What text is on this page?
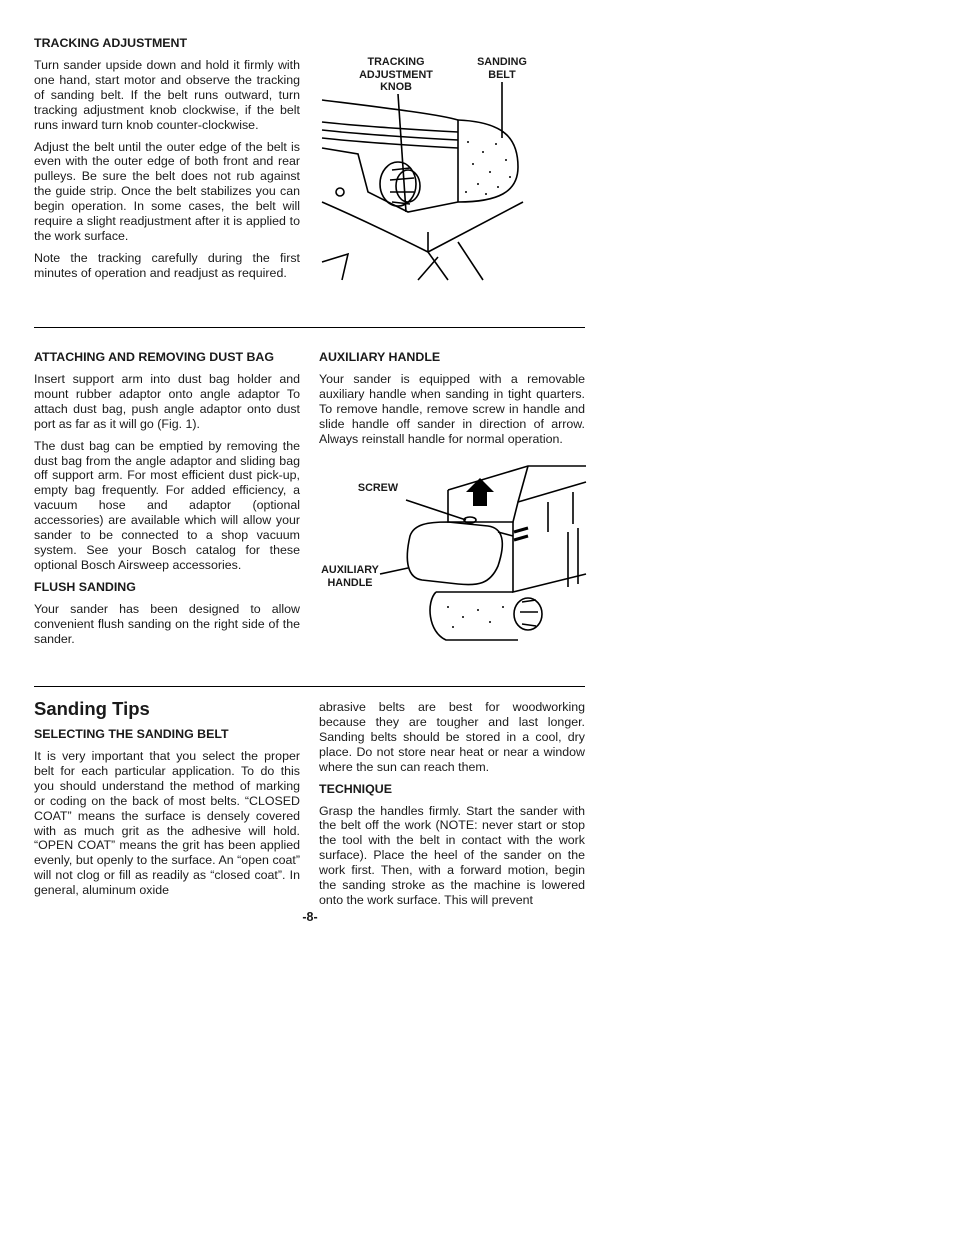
TRACKING ADJUSTMENT

Turn sander upside down and hold it firmly with one hand, start motor and observe the tracking of sanding belt. If the belt runs outward, turn tracking adjustment knob clockwise, if the belt runs inward turn knob counter-clockwise.

Adjust the belt until the outer edge of the belt is even with the outer edge of both front and rear pulleys. Be sure the belt does not rub against the guide strip. Once the belt stabilizes you can begin operation. In some cases, the belt will require a slight readjustment after it is applied to the work surface.

Note the tracking carefully during the first minutes of operation and readjust as required.

TRACKING ADJUSTMENT KNOB
SANDING BELT

ATTACHING AND REMOVING DUST BAG

Insert support arm into dust bag holder and mount rubber adaptor onto angle adaptor To attach dust bag, push angle adaptor onto dust port as far as it will go (Fig. 1).

The dust bag can be emptied by removing the dust bag from the angle adaptor and sliding bag off support arm. For most efficient dust pick-up, empty bag frequently. For added efficiency, a vacuum hose and adaptor (optional accessories) are available which will allow your sander to be connected to a shop vacuum system. See your Bosch catalog for these optional Bosch Airsweep accessories.

FLUSH SANDING

Your sander has been designed to allow convenient flush sanding on the right side of the sander.

AUXILIARY HANDLE

Your sander is equipped with a removable auxiliary handle when sanding in tight quarters. To remove handle, remove screw in handle and slide handle off sander in direction of arrow. Always reinstall handle for normal operation.

SCREW
AUXILIARY HANDLE

Sanding Tips

SELECTING THE SANDING BELT

It is very important that you select the proper belt for each particular application. To do this you should understand the method of marking or coding on the back of most belts. “CLOSED COAT” means the surface is densely covered with as much grit as the adhesive will hold. “OPEN COAT” means the grit has been applied evenly, but openly to the surface. An “open coat” will not clog or fill as readily as “closed coat”. In general, aluminum oxide

abrasive belts are best for woodworking because they are tougher and last longer. Sanding belts should be stored in a cool, dry place. Do not store near heat or near a window where the sun can reach them.

TECHNIQUE

Grasp the handles firmly. Start the sander with the belt off the work (NOTE: never start or stop the tool with the belt in contact with the work surface). Place the heel of the sander on the work first. Then, with a forward motion, begin the sanding stroke as the machine is lowered onto the work surface. This will prevent

-8-
